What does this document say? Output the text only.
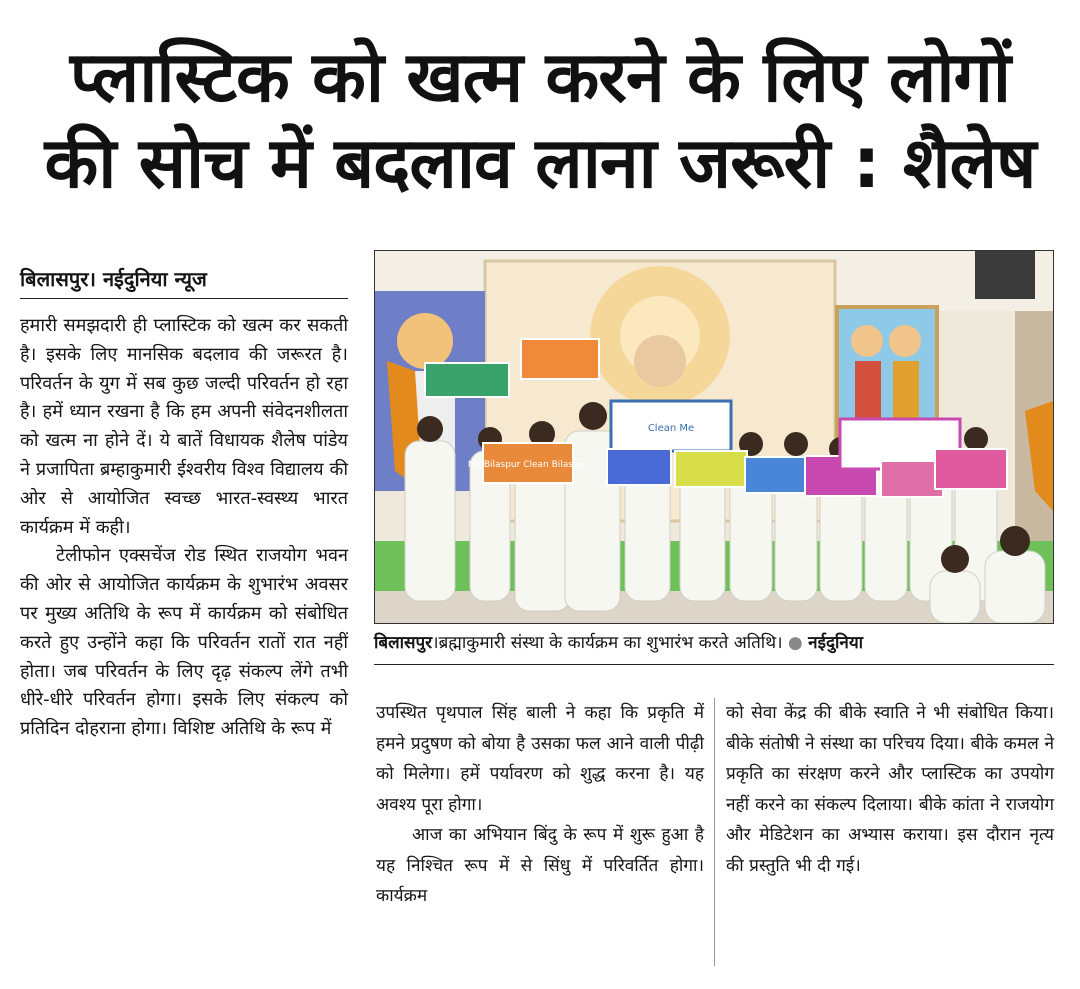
प्लास्टिक को खत्म करने के लिए लोगों
की सोच में बदलाव लाना जरूरी : शैलेष
बिलासपुर। नईदुनिया न्यूज

हमारी समझदारी ही प्लास्टिक को खत्म कर सकती है। इसके लिए मानसिक बदलाव की जरूरत है। परिवर्तन के युग में सब कुछ जल्दी परिवर्तन हो रहा है। हमें ध्यान रखना है कि हम अपनी संवेदनशीलता को खत्म ना होने दें। ये बातें विधायक शैलेष पांडेय ने प्रजापिता ब्रम्हाकुमारी ईश्वरीय विश्व विद्यालय की ओर से आयोजित स्वच्छ भारत-स्वस्थ्य भारत कार्यक्रम में कही।

टेलीफोन एक्सचेंज रोड स्थित राजयोग भवन की ओर से आयोजित कार्यक्रम के शुभारंभ अवसर पर मुख्य अतिथि के रूप में कार्यक्रम को संबोधित करते हुए उन्होंने कहा कि परिवर्तन रातों रात नहीं होता। जब परिवर्तन के लिए दृढ़ संकल्प लेंगे तभी धीरे-धीरे परिवर्तन होगा। इसके लिए संकल्प को प्रतिदिन दोहराना होगा। विशिष्ट अतिथि के रूप में

My Bilaspur Clean Bilaspur
Clean Me
बिलासपुर।ब्रह्माकुमारी संस्था के कार्यक्रम का शुभारंभ करते अतिथि। ● नईदुनिया

उपस्थित पृथपाल सिंह बाली ने कहा कि प्रकृति में हमने प्रदुषण को बोया है उसका फल आने वाली पीढ़ी को मिलेगा। हमें पर्यावरण को शुद्ध करना है। यह अवश्य पूरा होगा।

आज का अभियान बिंदु के रूप में शुरू हुआ है यह निश्चित रूप में से सिंधु में परिवर्तित होगा। कार्यक्रम

को सेवा केंद्र की बीके स्वाति ने भी संबोधित किया। बीके संतोषी ने संस्था का परिचय दिया। बीके कमल ने प्रकृति का संरक्षण करने और प्लास्टिक का उपयोग नहीं करने का संकल्प दिलाया। बीके कांता ने राजयोग और मेडिटेशन का अभ्यास कराया। इस दौरान नृत्य की प्रस्तुति भी दी गई।
